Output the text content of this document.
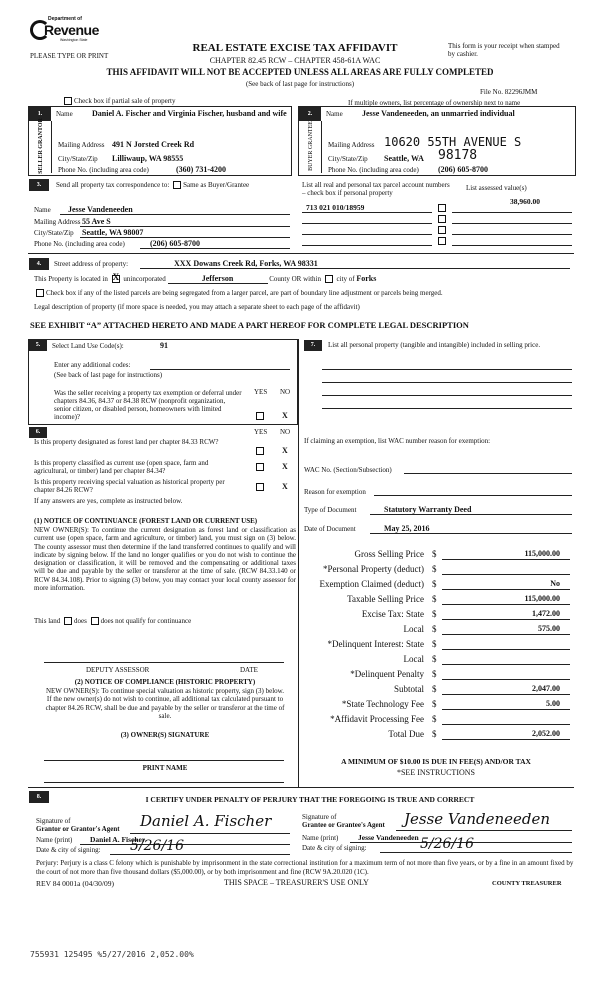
Department of
Revenue
Washington State
PLEASE TYPE OR PRINT
REAL ESTATE EXCISE TAX AFFIDAVIT
CHAPTER 82.45 RCW – CHAPTER 458-61A WAC
This form is your receipt when stamped by cashier.
THIS AFFIDAVIT WILL NOT BE ACCEPTED UNLESS ALL AREAS ARE FULLY COMPLETED
(See back of last page for instructions)
File No. 82296JMM
Check box if partial sale of property	If multiple owners, list percentage of ownership next to name
1.
SELLER GRANTOR
Name Daniel A. Fischer and Virginia Fischer, husband and wife
Mailing Address 491 N Jorsted Creek Rd
City/State/Zip Lilliwaup, WA 98555
Phone No. (including area code)	(360) 731-4200
2.
BUYER GRANTEE
Name Jesse Vandeneeden, an unmarried individual
Mailing Address 10620 55TH AVENUE S
City/State/Zip Seattle, WA 98178
Phone No. (including area code) (206) 605-8700
3.	Send all property tax correspondence to: Same as Buyer/Grantee
Name Jesse Vandeneeden
Mailing Address 55 Ave S
City/State/Zip Seattle, WA 98007
Phone No. (including area code)	(206) 605-8700
List all real and personal tax parcel account numbers – check box if personal property
List assessed value(s)
713 021 010/18959
38,960.00
4.	Street address of property:	XXX Dowans Creek Rd, Forks, WA 98331
This Property is located in X unincorporated	Jefferson	County OR within city of Forks
Check box if any of the listed parcels are being segregated from a larger parcel, are part of boundary line adjustment or parcels being merged.
Legal description of property (if more space is needed, you may attach a separate sheet to each page of the affidavit)
SEE EXHIBIT “A” ATTACHED HERETO AND MADE A PART HEREOF FOR COMPLETE LEGAL DESCRIPTION
5.	Select Land Use Code(s):	91
Enter any additional codes:
(See back of last page for instructions)
YES NO
Was the seller receiving a property tax exemption or deferral under chapters 84.36, 84.37 or 84.38 RCW (nonprofit organization, senior citizen, or disabled person, homeowners with limited income)?	X
6.	YES NO
Is this property designated as forest land per chapter 84.33 RCW?
X
Is this property classified as current use (open space, farm and agricultural, or timber) land per chapter 84.34?	X
Is this property receiving special valuation as historical property per chapter 84.26 RCW?	X
If any answers are yes, complete as instructed below.
(1) NOTICE OF CONTINUANCE (FOREST LAND OR CURRENT USE)
NEW OWNER(S): To continue the current designation as forest land or classification as current use (open space, farm and agriculture, or timber) land, you must sign on (3) below. The county assessor must then determine if the land transferred continues to qualify and will indicate by signing below. If the land no longer qualifies or you do not wish to continue the designation or classification, it will be removed and the compensating or additional taxes will be due and payable by the seller or transferor at the time of sale. (RCW 84.33.140 or RCW 84.34.108). Prior to signing (3) below, you may contact your local county assessor for more information.
This land does does not qualify for continuance
DEPUTY ASSESSOR	DATE
(2) NOTICE OF COMPLIANCE (HISTORIC PROPERTY)
NEW OWNER(S): To continue special valuation as historic property, sign (3) below. If the new owner(s) do not wish to continue, all additional tax calculated pursuant to chapter 84.26 RCW, shall be due and payable by the seller or transferor at the time of sale.
(3) OWNER(S) SIGNATURE
PRINT NAME
7.	List all personal property (tangible and intangible) included in selling price.
If claiming an exemption, list WAC number reason for exemption:
WAC No. (Section/Subsection)
Reason for exemption
Type of Document	Statutory Warranty Deed
Date of Document	May 25, 2016
Gross Selling Price $	115,000.00
*Personal Property (deduct) $
Exemption Claimed (deduct) $	No
Taxable Selling Price $	115,000.00
Excise Tax: State $	1,472.00
Local $	575.00
*Delinquent Interest: State $
Local $
*Delinquent Penalty $
Subtotal $	2,047.00
*State Technology Fee $	5.00
*Affidavit Processing Fee $
Total Due $	2,052.00
A MINIMUM OF $10.00 IS DUE IN FEE(S) AND/OR TAX
*SEE INSTRUCTIONS
8.	I CERTIFY UNDER PENALTY OF PERJURY THAT THE FOREGOING IS TRUE AND CORRECT
Signature of
Grantor or Grantor's Agent Daniel A. Fischer
Name (print) Daniel A. Fischer
Date & city of signing: 5/26/16
Signature of
Grantee or Grantee's Agent Jesse Vandeneeden
Name (print)	Jesse Vandeneeden
Date & city of signing:	5/26/16
Perjury: Perjury is a class C felony which is punishable by imprisonment in the state correctional institution for a maximum term of not more than five years, or by a fine in an amount fixed by the court of not more than five thousand dollars ($5,000.00), or by both imprisonment and fine (RCW 9A.20.020 (1C).
REV 84 0001a (04/30/09)	THIS SPACE – TREASURER'S USE ONLY	COUNTY TREASURER
755931 125495 %5/27/2016 2,052.00%
